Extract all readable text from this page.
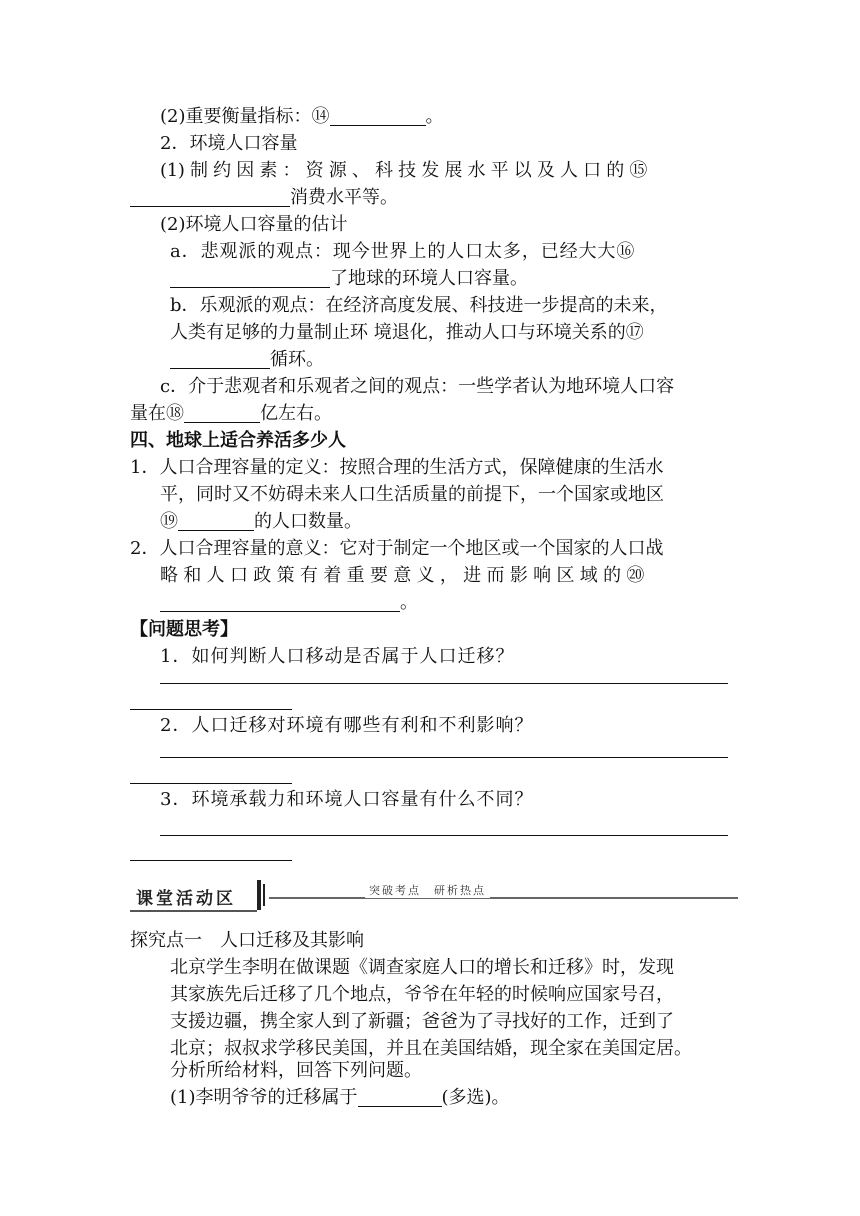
(2)重要衡量指标：⑭	。
2．环境人口容量
(1) 制 约 因 素 ： 资 源 、 科 技 发 展 水 平 以 及 人 口 的 ⑮
消费水平等。
(2)环境人口容量的估计
a．悲观派的观点：现今世界上的人口太多，已经大大⑯
了地球的环境人口容量。
b．乐观派的观点：在经济高度发展、科技进一步提高的未来，
人类有足够的力量制止环 境退化，推动人口与环境关系的⑰
循环。
c．介于悲观者和乐观者之间的观点：一些学者认为地环境人口容
量在⑱	亿左右。
四、地球上适合养活多少人
1．人口合理容量的定义：按照合理的生活方式，保障健康的生活水
平，同时又不妨碍未来人口生活质量的前提下，一个国家或地区
⑲	的人口数量。
2．人口合理容量的意义：它对于制定一个地区或一个国家的人口战
略 和 人 口 政 策 有 着 重 要 意 义 ， 进 而 影 响 区 域 的 ⑳
。
【问题思考】
1．如何判断人口移动是否属于人口迁移？
2．人口迁移对环境有哪些有利和不利影响？
3．环境承载力和环境人口容量有什么不同？
课堂活动区	突破考点　研析热点
探究点一　人口迁移及其影响
北京学生李明在做课题《调查家庭人口的增长和迁移》时，发现
其家族先后迁移了几个地点，爷爷在年轻的时候响应国家号召，
支援边疆，携全家人到了新疆；爸爸为了寻找好的工作，迁到了
北京；叔叔求学移民美国，并且在美国结婚，现全家在美国定居。
分析所给材料，回答下列问题。
(1)李明爷爷的迁移属于	(多选)。
